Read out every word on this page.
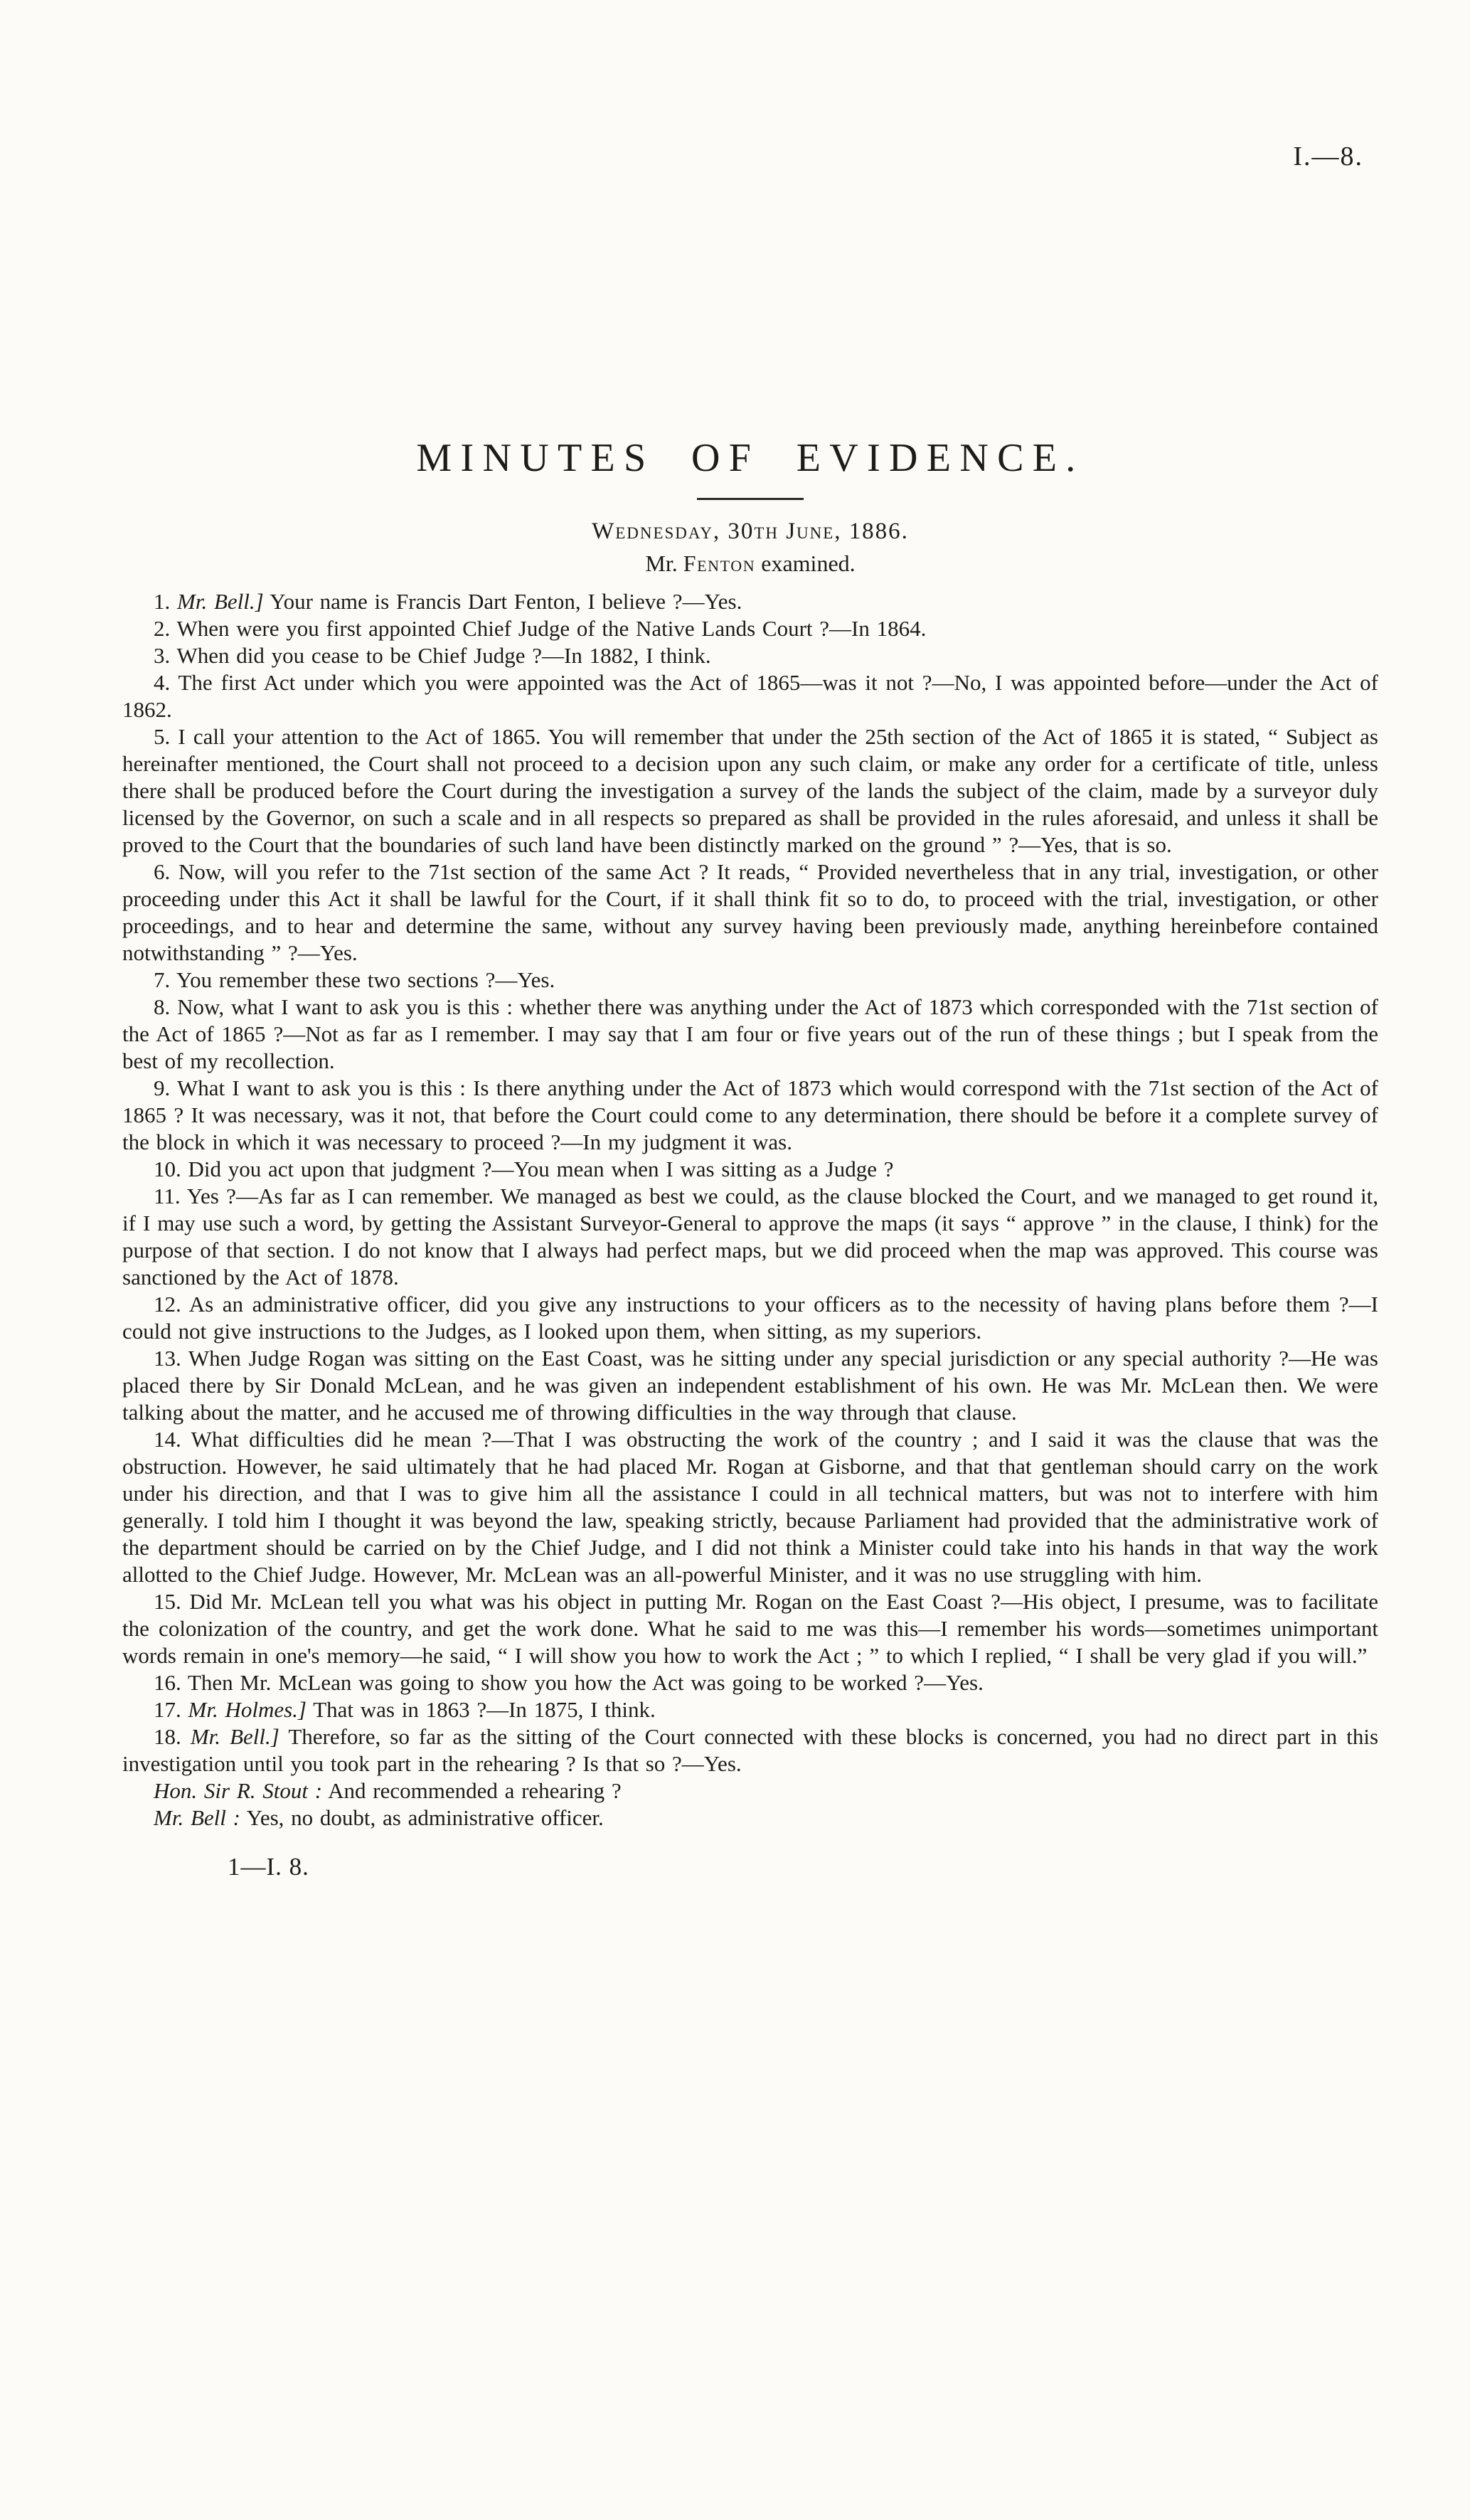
I.—8.
MINUTES OF EVIDENCE.
Wednesday, 30th June, 1886.
Mr. Fenton examined.

1. Mr. Bell.] Your name is Francis Dart Fenton, I believe ?—Yes.

2. When were you first appointed Chief Judge of the Native Lands Court ?—In 1864.

3. When did you cease to be Chief Judge ?—In 1882, I think.

4. The first Act under which you were appointed was the Act of 1865—was it not ?—No, I was appointed before—under the Act of 1862.

5. I call your attention to the Act of 1865. You will remember that under the 25th section of the Act of 1865 it is stated, “ Subject as hereinafter mentioned, the Court shall not proceed to a decision upon any such claim, or make any order for a certificate of title, unless there shall be produced before the Court during the investigation a survey of the lands the subject of the claim, made by a surveyor duly licensed by the Governor, on such a scale and in all respects so prepared as shall be provided in the rules aforesaid, and unless it shall be proved to the Court that the boundaries of such land have been distinctly marked on the ground ” ?—Yes, that is so.

6. Now, will you refer to the 71st section of the same Act ? It reads, “ Provided nevertheless that in any trial, investigation, or other proceeding under this Act it shall be lawful for the Court, if it shall think fit so to do, to proceed with the trial, investigation, or other proceedings, and to hear and determine the same, without any survey having been previously made, anything hereinbefore contained notwithstanding ” ?—Yes.

7. You remember these two sections ?—Yes.

8. Now, what I want to ask you is this : whether there was anything under the Act of 1873 which corresponded with the 71st section of the Act of 1865 ?—Not as far as I remember. I may say that I am four or five years out of the run of these things ; but I speak from the best of my recollection.

9. What I want to ask you is this : Is there anything under the Act of 1873 which would correspond with the 71st section of the Act of 1865 ? It was necessary, was it not, that before the Court could come to any determination, there should be before it a complete survey of the block in which it was necessary to proceed ?—In my judgment it was.

10. Did you act upon that judgment ?—You mean when I was sitting as a Judge ?

11. Yes ?—As far as I can remember. We managed as best we could, as the clause blocked the Court, and we managed to get round it, if I may use such a word, by getting the Assistant Surveyor-General to approve the maps (it says “ approve ” in the clause, I think) for the purpose of that section. I do not know that I always had perfect maps, but we did proceed when the map was approved. This course was sanctioned by the Act of 1878.

12. As an administrative officer, did you give any instructions to your officers as to the necessity of having plans before them ?—I could not give instructions to the Judges, as I looked upon them, when sitting, as my superiors.

13. When Judge Rogan was sitting on the East Coast, was he sitting under any special jurisdiction or any special authority ?—He was placed there by Sir Donald McLean, and he was given an independent establishment of his own. He was Mr. McLean then. We were talking about the matter, and he accused me of throwing difficulties in the way through that clause.

14. What difficulties did he mean ?—That I was obstructing the work of the country ; and I said it was the clause that was the obstruction. However, he said ultimately that he had placed Mr. Rogan at Gisborne, and that that gentleman should carry on the work under his direction, and that I was to give him all the assistance I could in all technical matters, but was not to interfere with him generally. I told him I thought it was beyond the law, speaking strictly, because Parliament had provided that the administrative work of the department should be carried on by the Chief Judge, and I did not think a Minister could take into his hands in that way the work allotted to the Chief Judge. However, Mr. McLean was an all-powerful Minister, and it was no use struggling with him.

15. Did Mr. McLean tell you what was his object in putting Mr. Rogan on the East Coast ?—His object, I presume, was to facilitate the colonization of the country, and get the work done. What he said to me was this—I remember his words—sometimes unimportant words remain in one's memory—he said, “ I will show you how to work the Act ; ” to which I replied, “ I shall be very glad if you will.”

16. Then Mr. McLean was going to show you how the Act was going to be worked ?—Yes.

17. Mr. Holmes.] That was in 1863 ?—In 1875, I think.

18. Mr. Bell.] Therefore, so far as the sitting of the Court connected with these blocks is concerned, you had no direct part in this investigation until you took part in the rehearing ? Is that so ?—Yes.

Hon. Sir R. Stout : And recommended a rehearing ?

Mr. Bell : Yes, no doubt, as administrative officer.

1—I. 8.
